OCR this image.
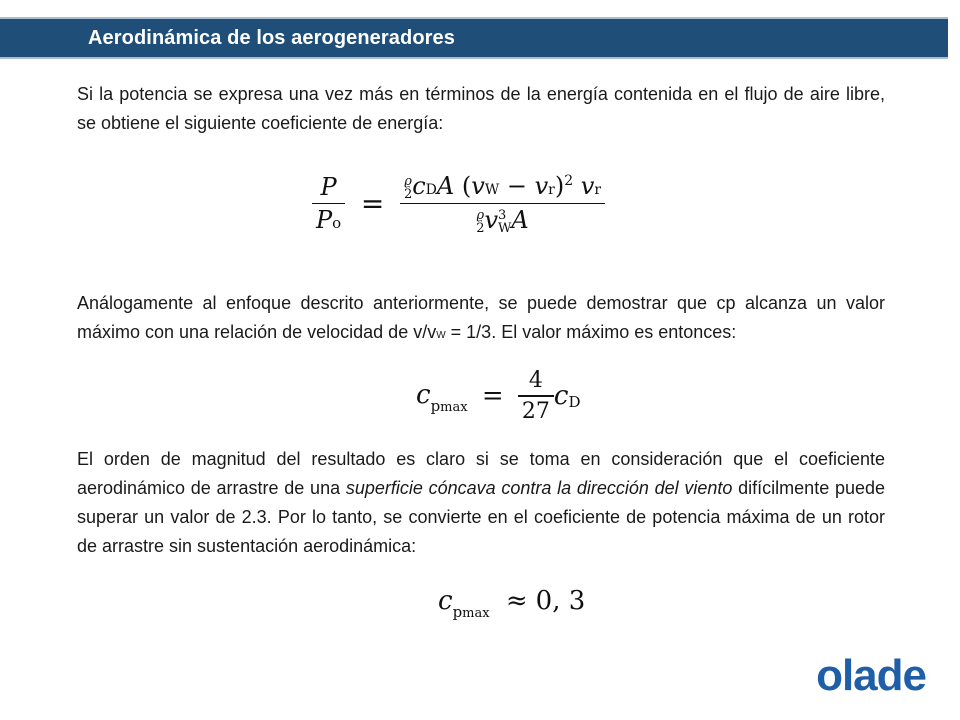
Aerodinámica de los aerogeneradores

Si la potencia se expresa una vez más en términos de la energía contenida en el flujo de aire libre, se obtiene el siguiente coeficiente de energía:

$\frac{P}{Po} = ϱ$
2 cDA (vW − vr)$^2$ vr
ϱ
2 v 3
W A

Análogamente al enfoque descrito anteriormente, se puede demostrar que cp alcanza un valor máximo con una relación de velocidad de v/vW = 1/3. El valor máximo es entonces:

$c_{pmax} = \frac{4}{27}$ cD

El orden de magnitud del resultado es claro si se toma en consideración que el coeficiente aerodinámico de arrastre de una superficie cóncava contra la dirección del viento difícilmente puede superar un valor de 2.3. Por lo tanto, se convierte en el coeficiente de potencia máxima de un rotor de arrastre sin sustentación aerodinámica:

$c_{pmax} \approx 0$, 3
olade
